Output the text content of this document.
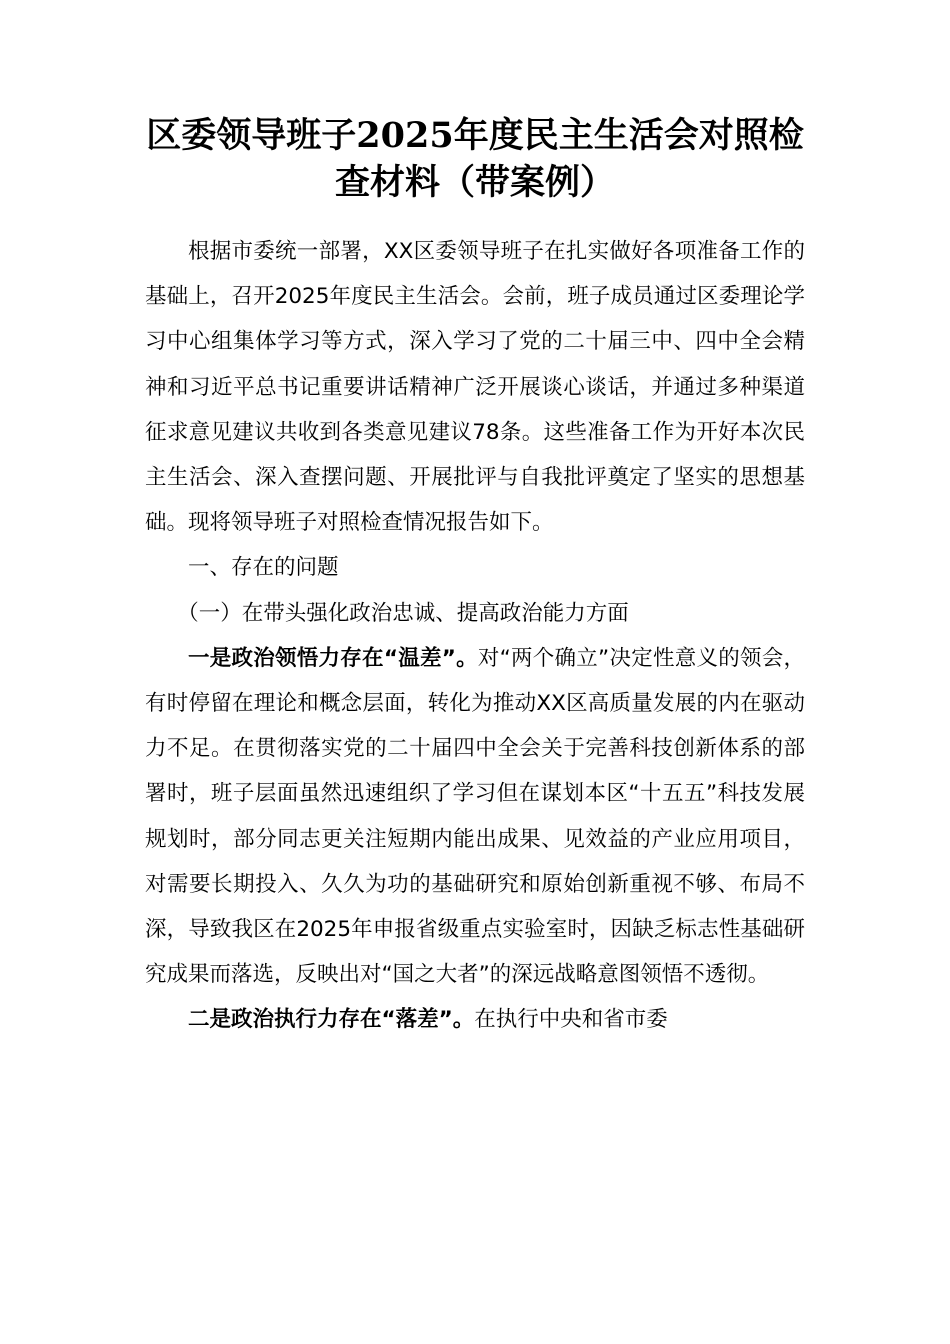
区委领导班子2025年度民主生活会对照检
查材料（带案例）

根据市委统一部署，XX区委领导班子在扎实做好各项准备工作的基础上，召开2025年度民主生活会。会前，班子成员通过区委理论学习中心组集体学习等方式，深入学习了党的二十届三中、四中全会精神和习近平总书记重要讲话精神广泛开展谈心谈话，并通过多种渠道征求意见建议共收到各类意见建议78条。这些准备工作为开好本次民主生活会、深入查摆问题、开展批评与自我批评奠定了坚实的思想基础。现将领导班子对照检查情况报告如下。

一、存在的问题

（一）在带头强化政治忠诚、提高政治能力方面

一是政治领悟力存在“温差”。对“两个确立”决定性意义的领会，有时停留在理论和概念层面，转化为推动XX区高质量发展的内在驱动力不足。在贯彻落实党的二十届四中全会关于完善科技创新体系的部署时，班子层面虽然迅速组织了学习但在谋划本区“十五五”科技发展规划时，部分同志更关注短期内能出成果、见效益的产业应用项目，对需要长期投入、久久为功的基础研究和原始创新重视不够、布局不深，导致我区在2025年申报省级重点实验室时，因缺乏标志性基础研究成果而落选，反映出对“国之大者”的深远战略意图领悟不透彻。

二是政治执行力存在“落差”。在执行中央和省市委
